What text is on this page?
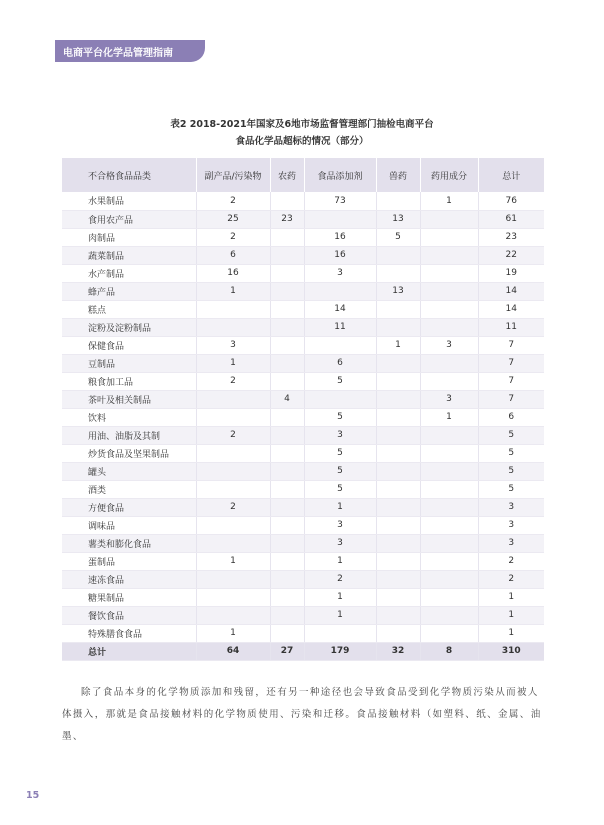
电商平台化学品管理指南
表2 2018-2021年国家及6地市场监督管理部门抽检电商平台
食品化学品超标的情况（部分）
不合格食品品类	副产品/污染物	农药	食品添加剂	兽药	药用成分	总计
水果制品	2		73		1	76
食用农产品	25	23		13		61
肉制品	2		16	5		23
蔬菜制品	6		16			22
水产制品	16		3			19
蜂产品	1			13		14
糕点			14			14
淀粉及淀粉制品			11			11
保健食品	3			1	3	7
豆制品	1		6			7
粮食加工品	2		5			7
茶叶及相关制品		4			3	7
饮料			5		1	6
用油、油脂及其制	2		3			5
炒货食品及坚果制品			5			5
罐头			5			5
酒类			5			5
方便食品	2		1			3
调味品			3			3
薯类和膨化食品			3			3
蛋制品	1		1			2
速冻食品			2			2
糖果制品			1			1
餐饮食品			1			1
特殊膳食食品	1					1
总计	64	27	179	32	8	310
除了食品本身的化学物质添加和残留，还有另一种途径也会导致食品受到化学物质污染从而被人体摄入，那就是食品接触材料的化学物质使用、污染和迁移。食品接触材料（如塑料、纸、金属、油墨、
15
